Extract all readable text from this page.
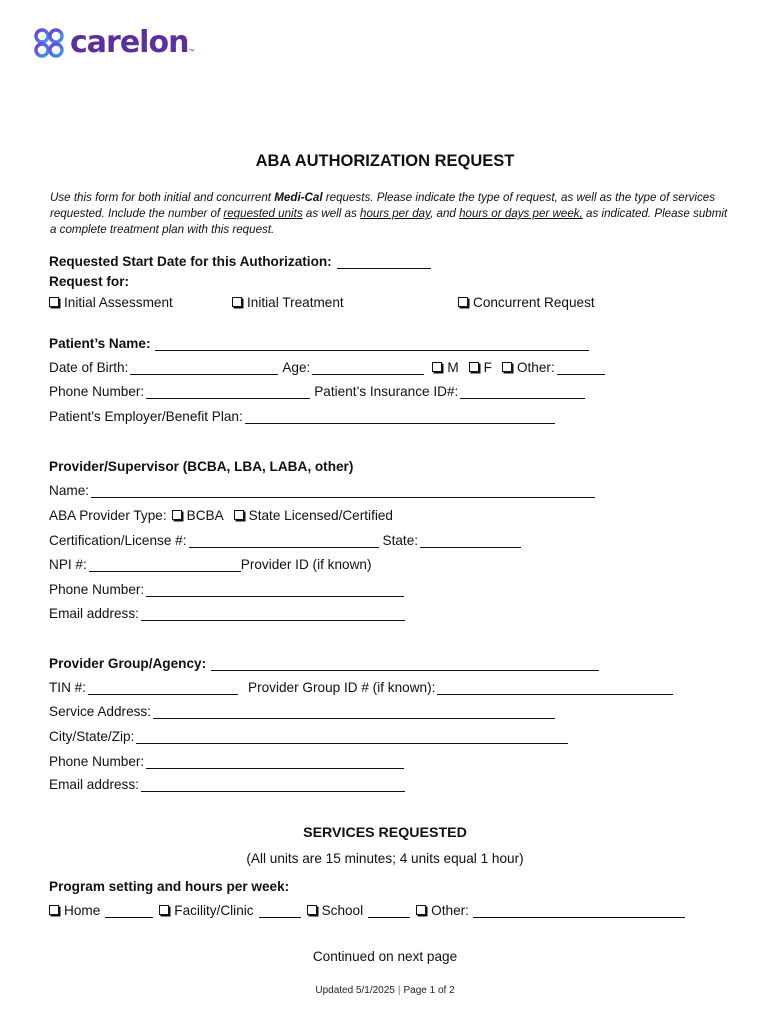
carelon ™
ABA AUTHORIZATION REQUEST
Use this form for both initial and concurrent Medi-Cal requests. Please indicate the type of request, as well as the type of services requested. Include the number of requested units as well as hours per day, and hours or days per week, as indicated. Please submit a complete treatment plan with this request.
Requested Start Date for this Authorization:
Request for:
Initial Assessment	Initial Treatment	Concurrent Request
Patient’s Name:
Date of Birth:	Age:	M F Other:
Phone Number:	Patient’s Insurance ID#:
Patient's Employer/Benefit Plan:
Provider/Supervisor (BCBA, LBA, LABA, other)
Name:
ABA Provider Type: BCBA State Licensed/Certified
Certification/License #:	State:
NPI #:	Provider ID (if known)
Phone Number:
Email address:
Provider Group/Agency:
TIN #:	Provider Group ID # (if known):
Service Address:
City/State/Zip:
Phone Number:
Email address:
SERVICES REQUESTED
(All units are 15 minutes; 4 units equal 1 hour)
Program setting and hours per week:
Home	Facility/Clinic	School	Other:
Continued on next page
Updated 5/1/2025 | Page 1 of 2
